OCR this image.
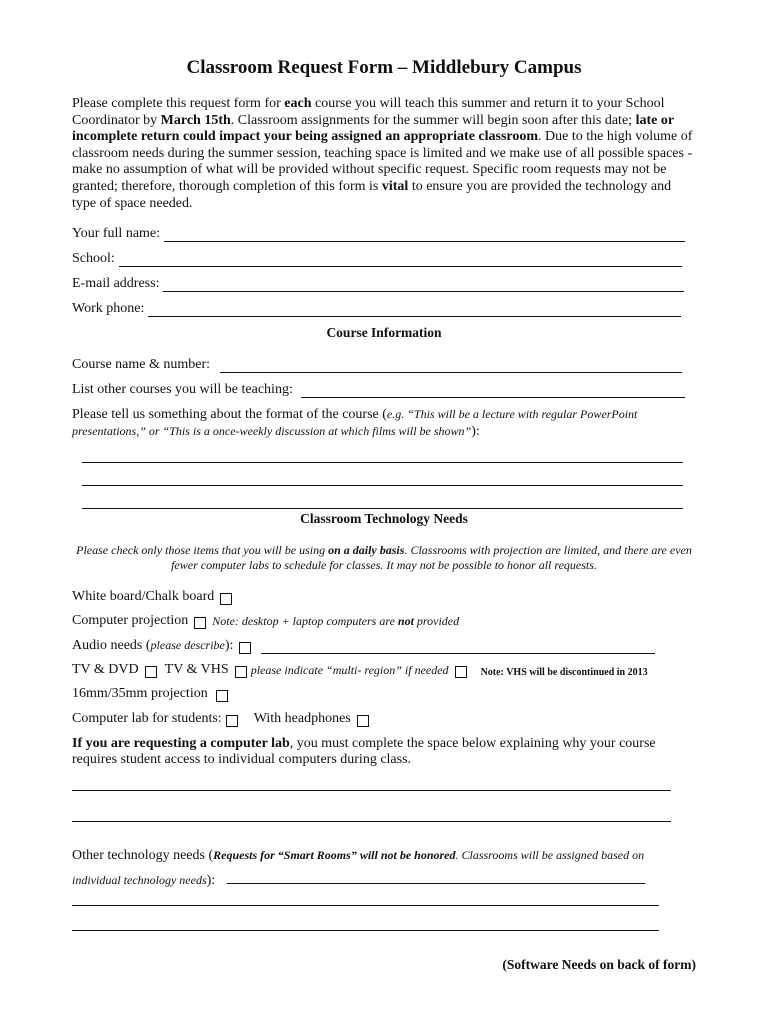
Classroom Request Form – Middlebury Campus
Please complete this request form for each course you will teach this summer and return it to your School Coordinator by March 15th. Classroom assignments for the summer will begin soon after this date; late or incomplete return could impact your being assigned an appropriate classroom. Due to the high volume of classroom needs during the summer session, teaching space is limited and we make use of all possible spaces - make no assumption of what will be provided without specific request. Specific room requests may not be granted; therefore, thorough completion of this form is vital to ensure you are provided the technology and type of space needed.
Your full name:
School:
E-mail address:
Work phone:
Course Information
Course name & number:
List other courses you will be teaching:
Please tell us something about the format of the course (e.g. “This will be a lecture with regular PowerPoint presentations,” or “This is a once-weekly discussion at which films will be shown”):
Classroom Technology Needs
Please check only those items that you will be using on a daily basis. Classrooms with projection are limited, and there are even fewer computer labs to schedule for classes. It may not be possible to honor all requests.
White board/Chalk board
Computer projection Note: desktop + laptop computers are not provided
Audio needs (please describe):
TV & DVD TV & VHS please indicate “multi- region” if needed	Note: VHS will be discontinued in 2013
16mm/35mm projection
Computer lab for students: With headphones
If you are requesting a computer lab, you must complete the space below explaining why your course requires student access to individual computers during class.
Other technology needs (Requests for “Smart Rooms” will not be honored. Classrooms will be assigned based on individual technology needs):
(Software Needs on back of form)
